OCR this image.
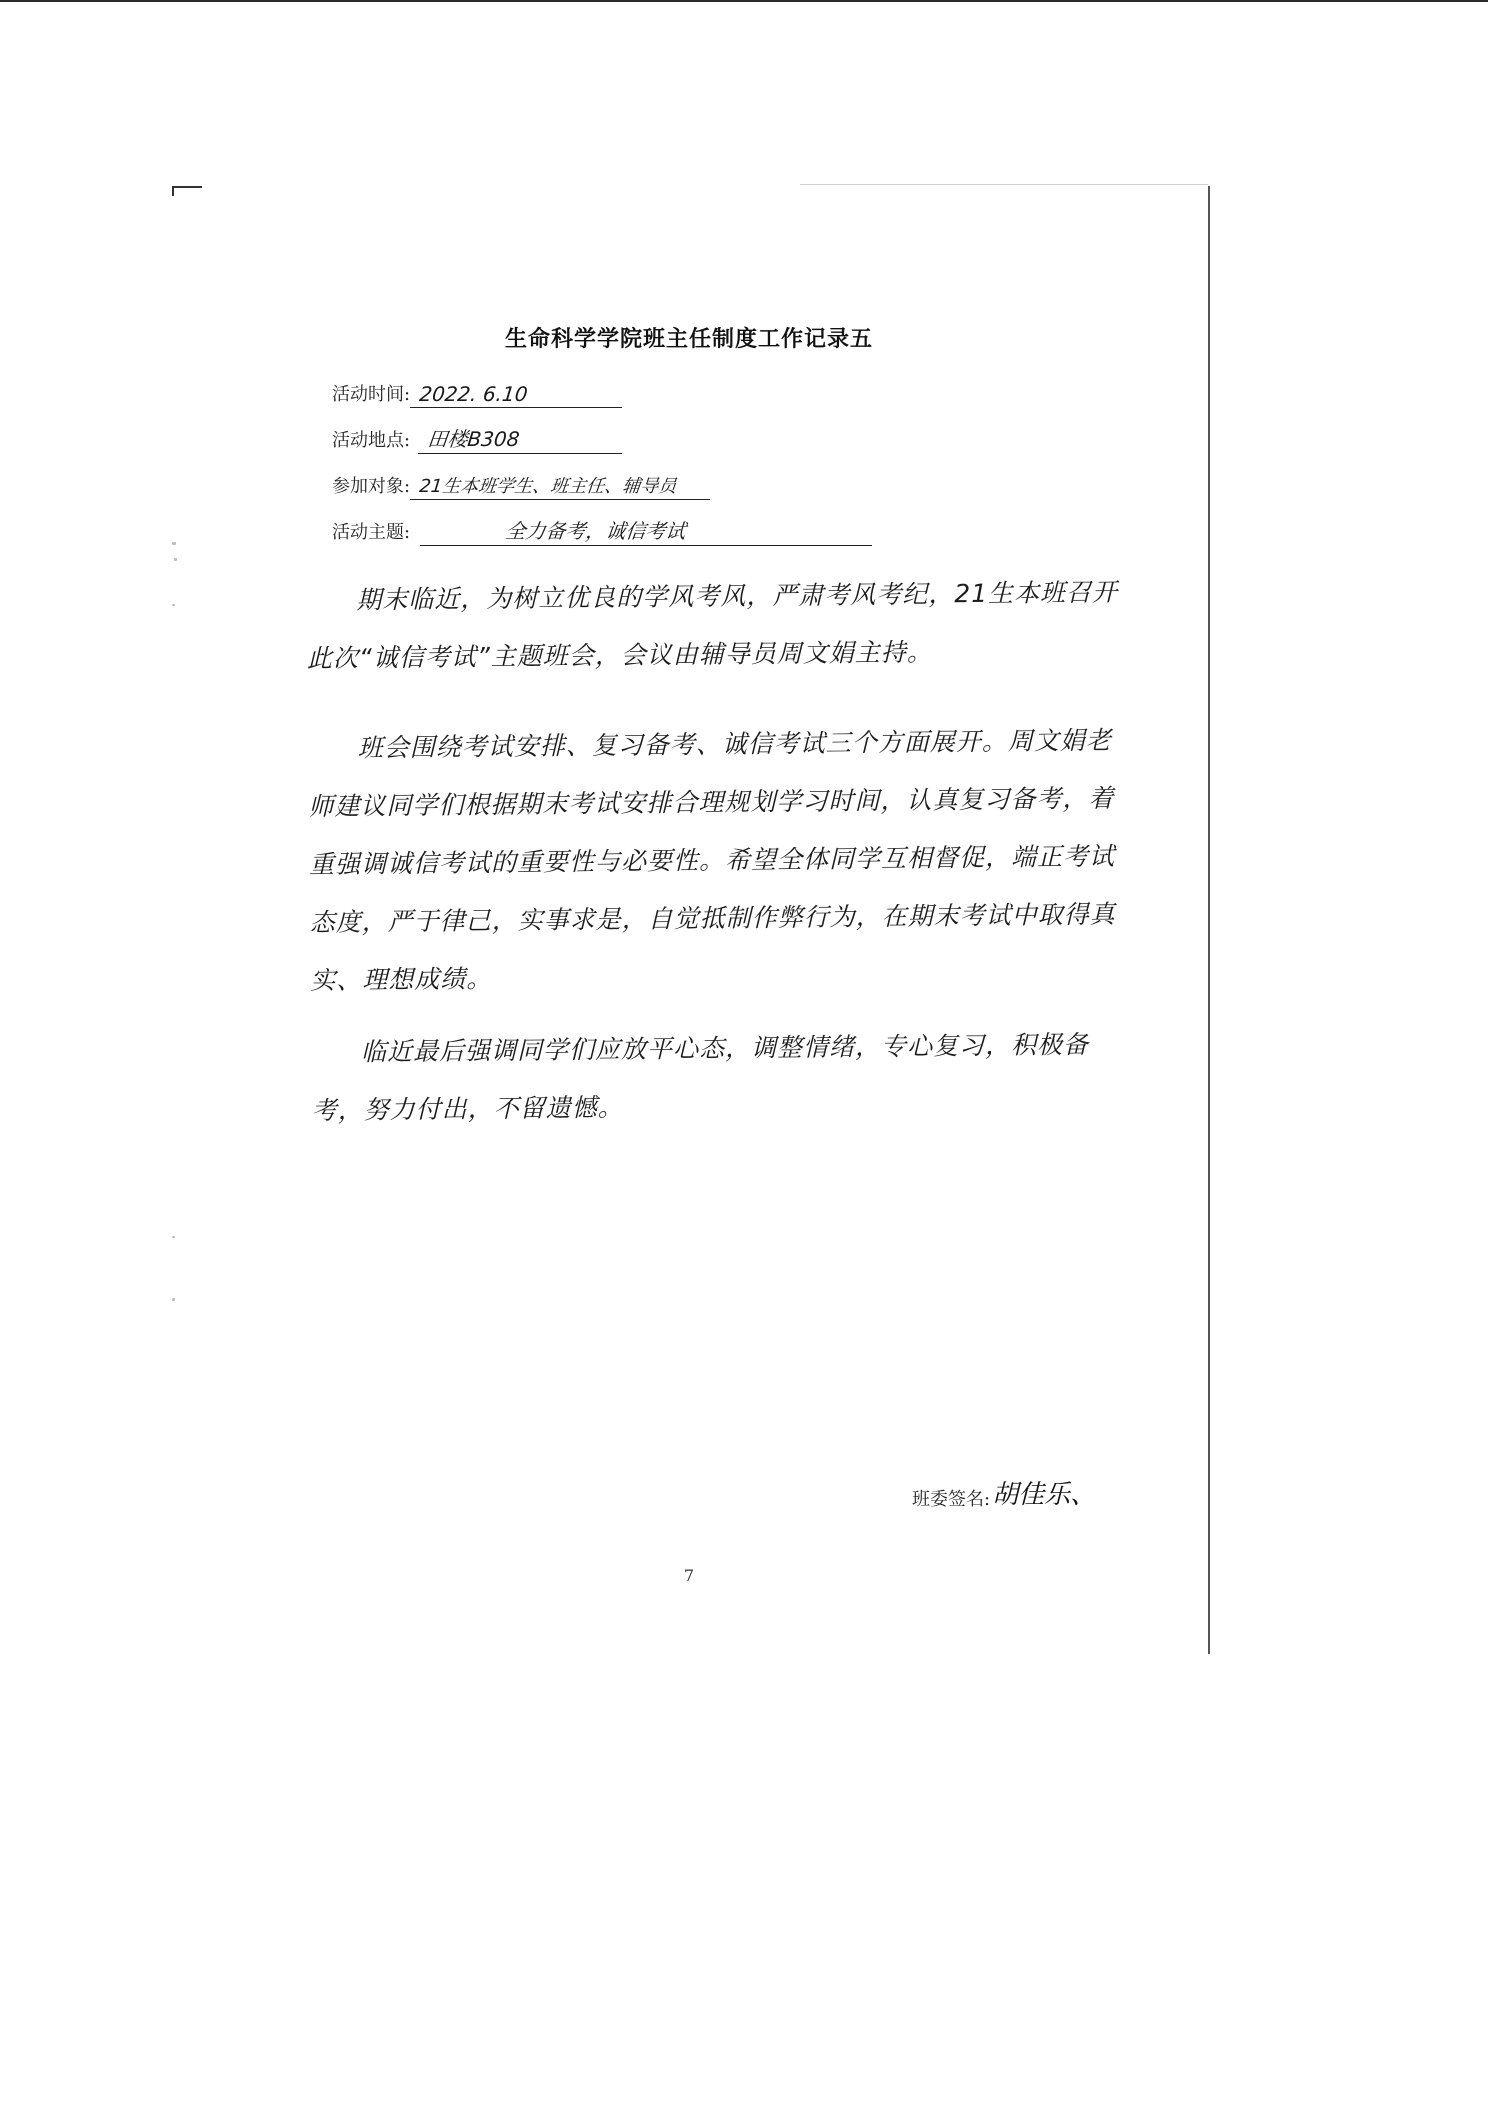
生命科学学院班主任制度工作记录五
活动时间: 2022. 6.10
活动地点: 田楼B308
参加对象: 21生本班学生、班主任、辅导员
活动主题:	全力备考，诚信考试

期末临近，为树立优良的学风考风，严肃考风考纪，21生本班召开此次“诚信考试”主题班会，会议由辅导员周文娟主持。

班会围绕考试安排、复习备考、诚信考试三个方面展开。周文娟老师建议同学们根据期末考试安排合理规划学习时间，认真复习备考，着重强调诚信考试的重要性与必要性。希望全体同学互相督促，端正考试态度，严于律己，实事求是，自觉抵制作弊行为，在期末考试中取得真实、理想成绩。

临近最后强调同学们应放平心态，调整情绪，专心复习，积极备考，努力付出，不留遗憾。

班委签名: 胡佳乐、
7
